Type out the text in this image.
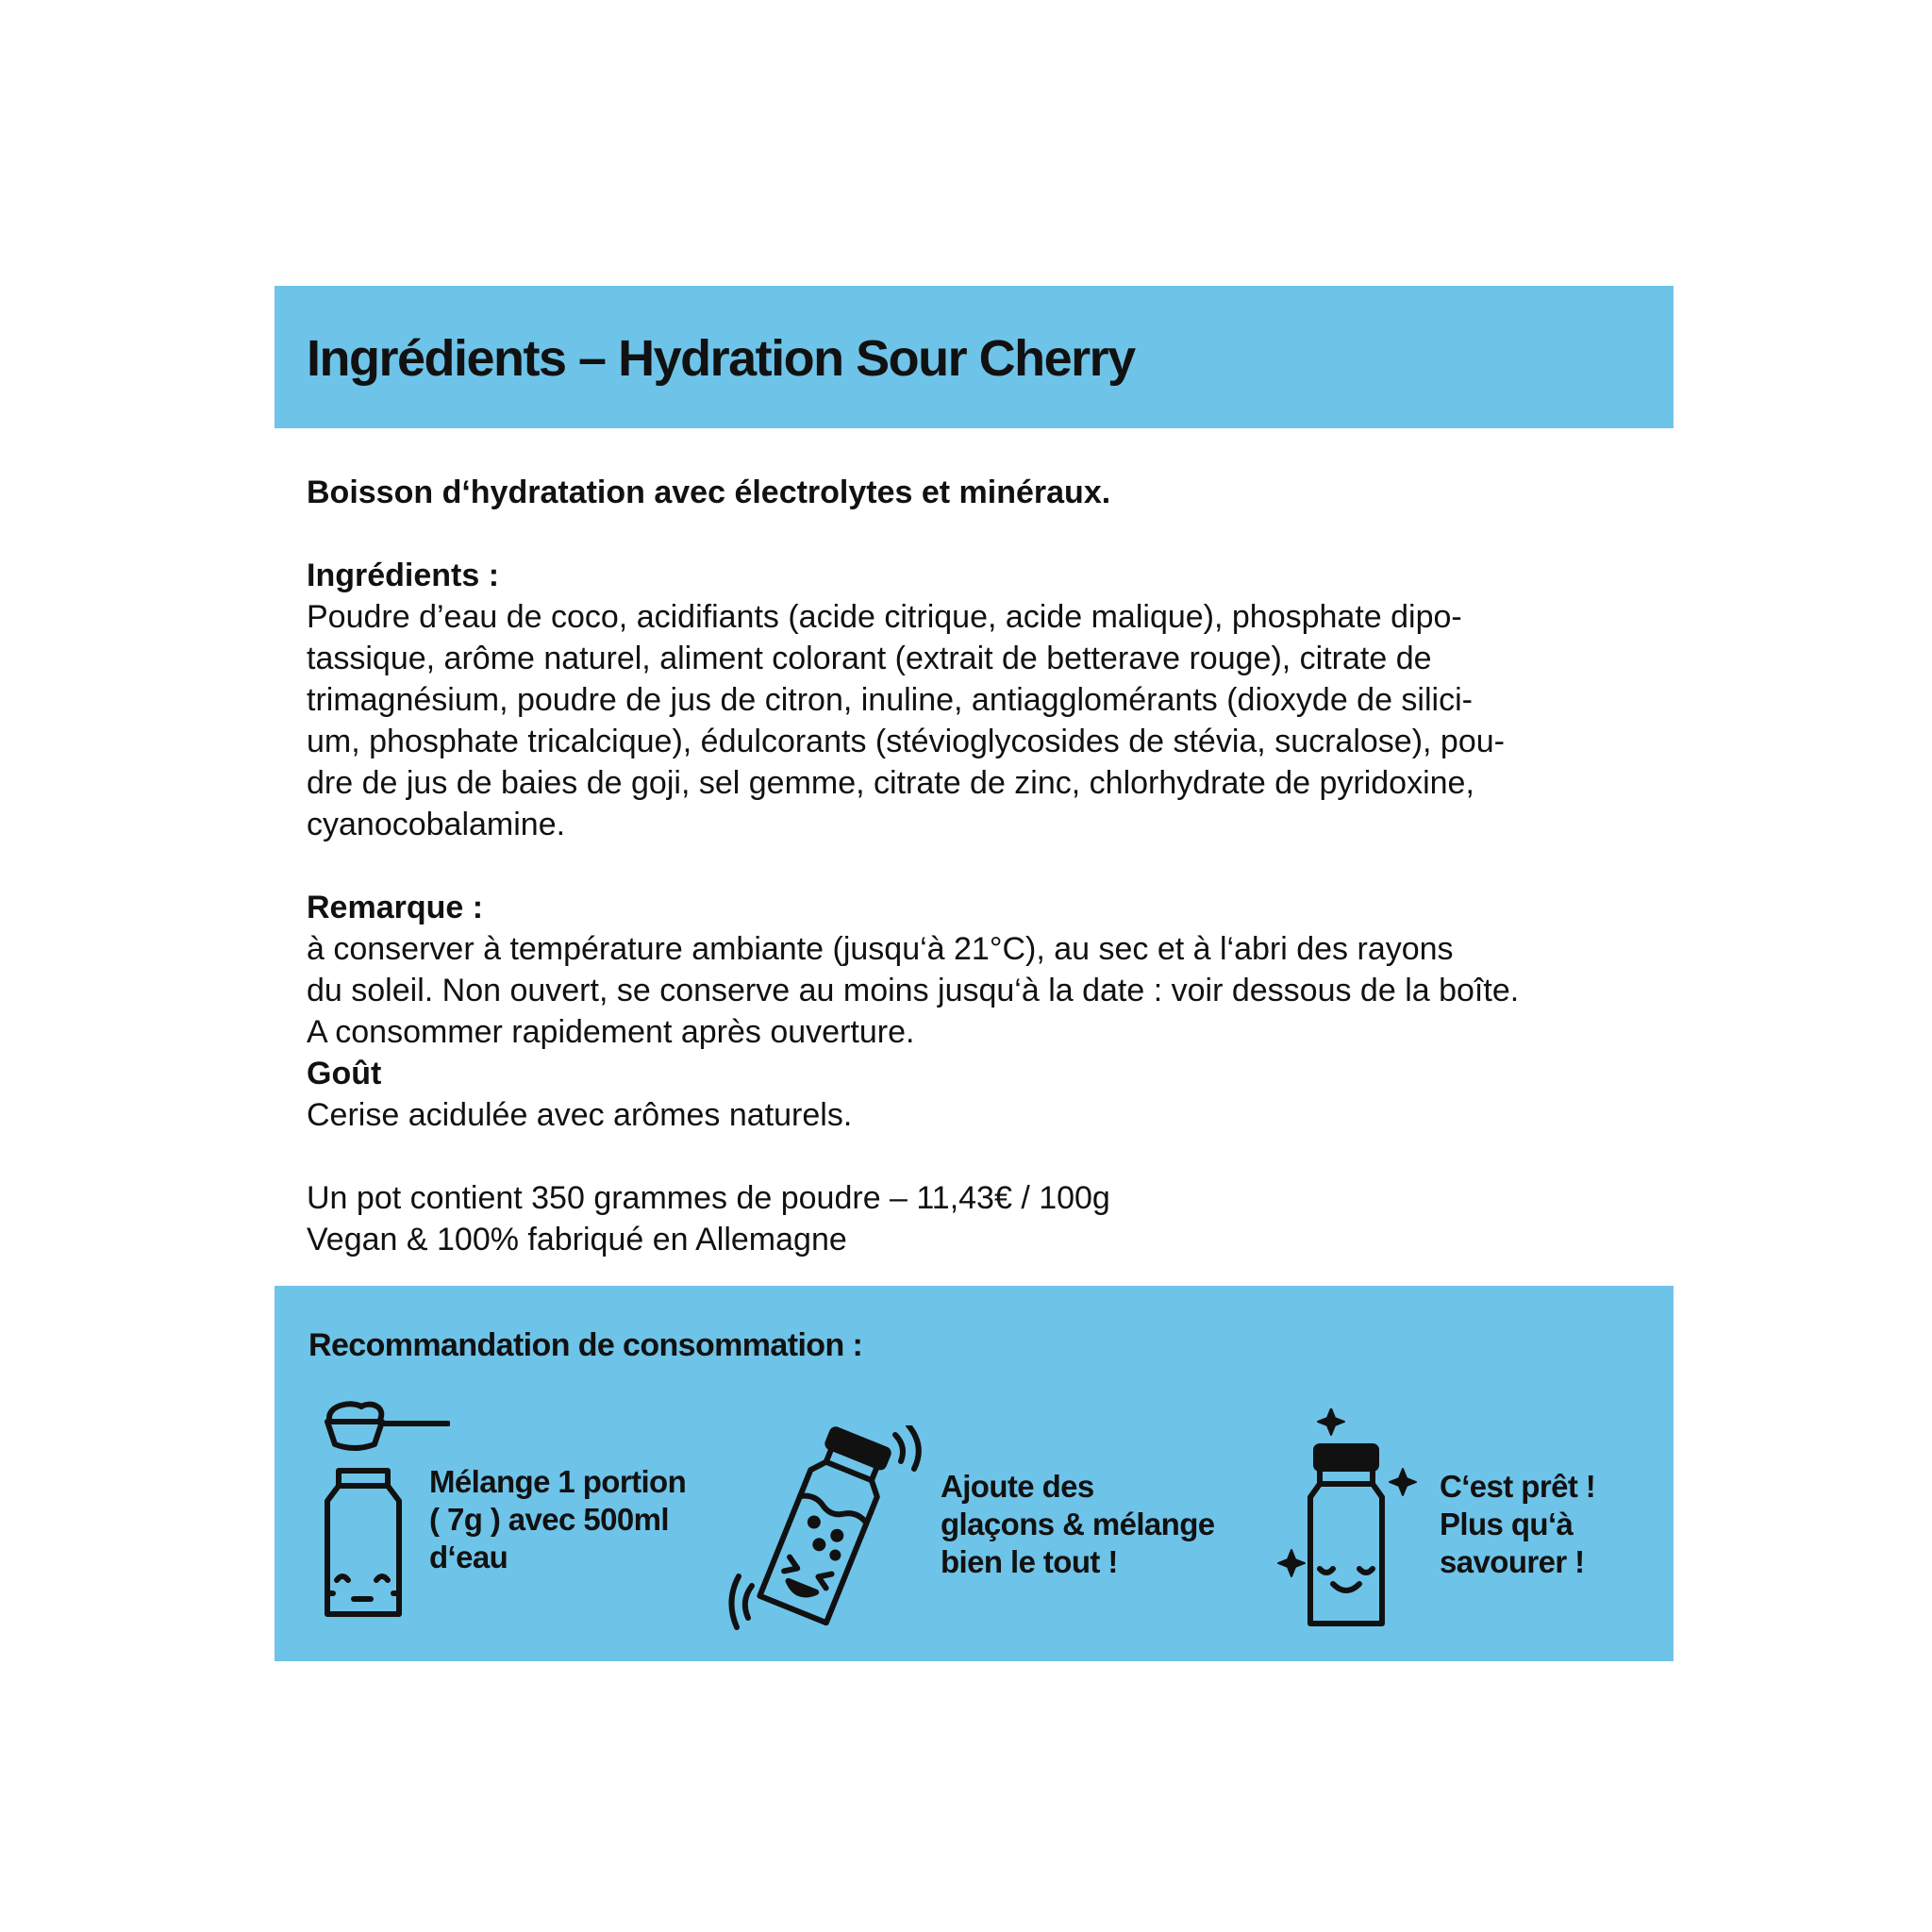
Ingrédients – Hydration Sour Cherry

Boisson d‘hydratation avec électrolytes et minéraux.

Ingrédients :

Poudre d’eau de coco, acidifiants (acide citrique, acide malique), phosphate dipo-

tassique, arôme naturel, aliment colorant (extrait de betterave rouge), citrate de

trimagnésium, poudre de jus de citron, inuline, antiagglomérants (dioxyde de silici-

um, phosphate tricalcique), édulcorants (stévioglycosides de stévia, sucralose), pou-

dre de jus de baies de goji, sel gemme, citrate de zinc, chlorhydrate de pyridoxine,

cyanocobalamine.

Remarque :

à conserver à température ambiante (jusqu‘à 21°C), au sec et à l‘abri des rayons

du soleil. Non ouvert, se conserve au moins jusqu‘à la date : voir dessous de la boîte.

A consommer rapidement après ouverture.

Goût

Cerise acidulée avec arômes naturels.

Un pot contient 350 grammes de poudre – 11,43€ / 100g

Vegan & 100% fabriqué en Allemagne

Recommandation de consommation :

Mélange 1 portion
( 7g ) avec 500ml
d‘eau

Ajoute des
glaçons & mélange
bien le tout !

C‘est prêt !
Plus qu‘à
savourer !
